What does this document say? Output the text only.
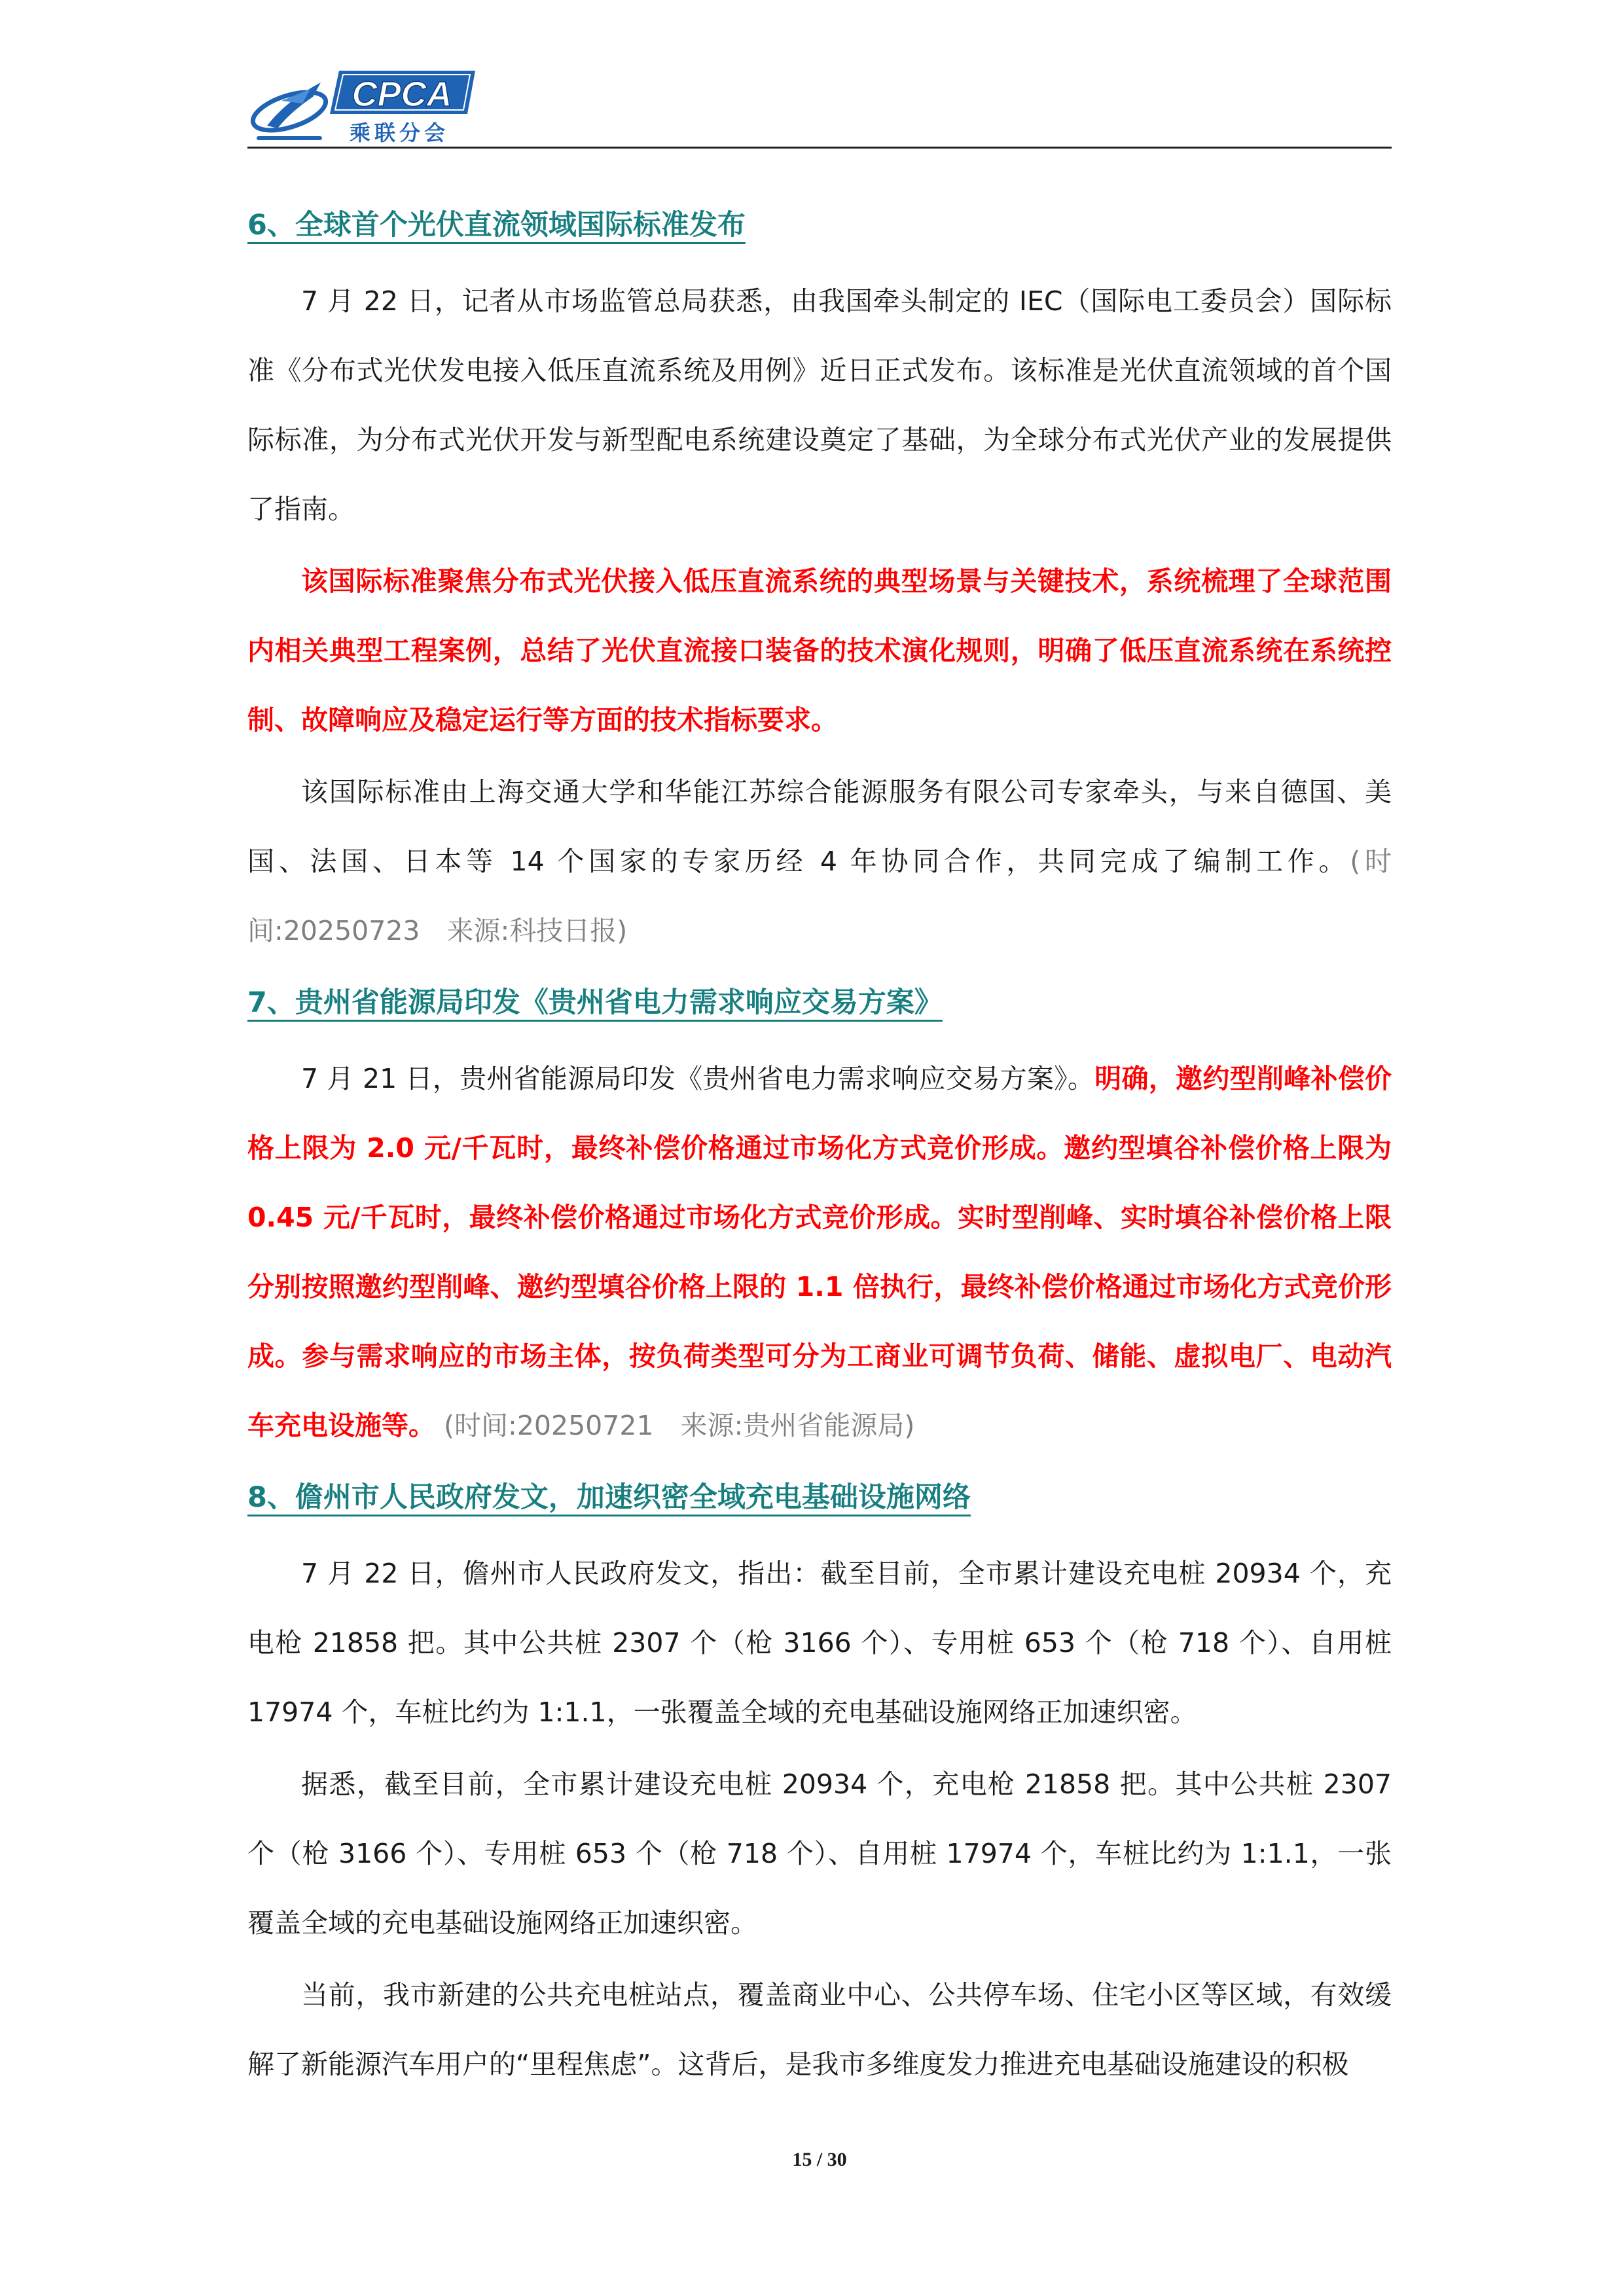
CPCA
乘联分会
6、全球首个光伏直流领域国际标准发布

7 月 22 日，记者从市场监管总局获悉，由我国牵头制定的 IEC（国际电工委员会）国际标准《分布式光伏发电接入低压直流系统及用例》近日正式发布。该标准是光伏直流领域的首个国际标准，为分布式光伏开发与新型配电系统建设奠定了基础，为全球分布式光伏产业的发展提供了指南。

该国际标准聚焦分布式光伏接入低压直流系统的典型场景与关键技术，系统梳理了全球范围内相关典型工程案例，总结了光伏直流接口装备的技术演化规则，明确了低压直流系统在系统控制、故障响应及稳定运行等方面的技术指标要求。

该国际标准由上海交通大学和华能江苏综合能源服务有限公司专家牵头，与来自德国、美国、法国、日本等 14 个国家的专家历经 4 年协同合作，共同完成了编制工作。(时间:20250723　来源:科技日报)

7、贵州省能源局印发《贵州省电力需求响应交易方案》

7 月 21 日，贵州省能源局印发《贵州省电力需求响应交易方案》。明确，邀约型削峰补偿价格上限为 2.0 元/千瓦时，最终补偿价格通过市场化方式竞价形成。邀约型填谷补偿价格上限为 0.45 元/千瓦时，最终补偿价格通过市场化方式竞价形成。实时型削峰、实时填谷补偿价格上限分别按照邀约型削峰、邀约型填谷价格上限的 1.1 倍执行，最终补偿价格通过市场化方式竞价形成。参与需求响应的市场主体，按负荷类型可分为工商业可调节负荷、储能、虚拟电厂、电动汽车充电设施等。 (时间:20250721　来源:贵州省能源局)

8、儋州市人民政府发文，加速织密全域充电基础设施网络

7 月 22 日，儋州市人民政府发文，指出：截至目前，全市累计建设充电桩 20934 个，充电枪 21858 把。其中公共桩 2307 个（枪 3166 个）、专用桩 653 个（枪 718 个）、自用桩 17974 个，车桩比约为 1:1.1，一张覆盖全域的充电基础设施网络正加速织密。

据悉，截至目前，全市累计建设充电桩 20934 个，充电枪 21858 把。其中公共桩 2307 个（枪 3166 个）、专用桩 653 个（枪 718 个）、自用桩 17974 个，车桩比约为 1:1.1，一张覆盖全域的充电基础设施网络正加速织密。

当前，我市新建的公共充电桩站点，覆盖商业中心、公共停车场、住宅小区等区域，有效缓解了新能源汽车用户的“里程焦虑”。这背后，是我市多维度发力推进充电基础设施建设的积极

15 / 30
